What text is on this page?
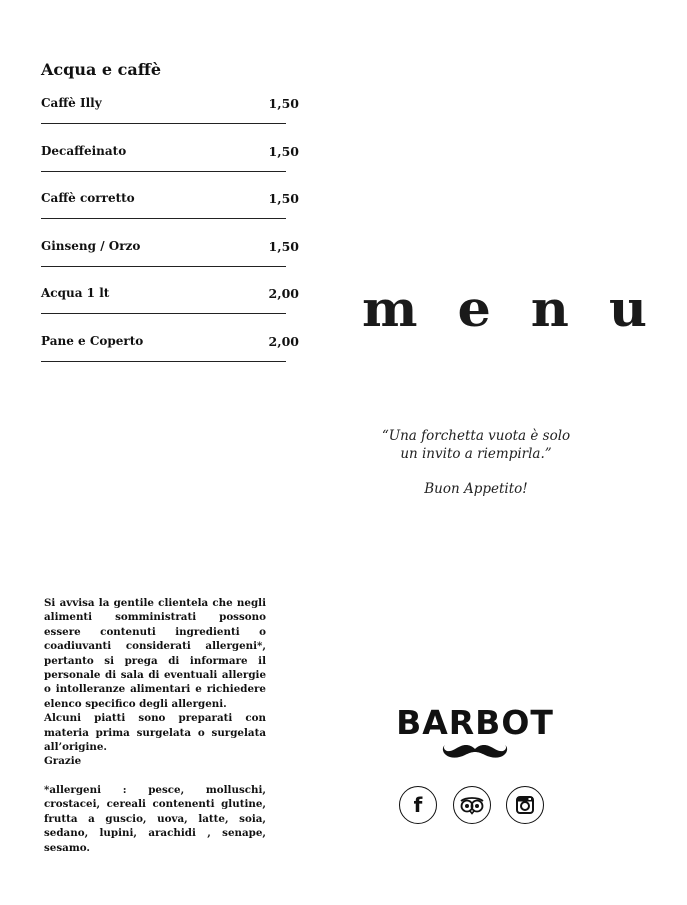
Acqua e caffè
Caffè Illy	1,50
Decaffeinato	1,50
Caffè corretto	1,50
Ginseng / Orzo	1,50
Acqua 1 lt	2,00
Pane e Coperto	2,00
menu
“Una forchetta vuota è solo
un invito a riempirla.”
Buon Appetito!

Si avvisa la gentile clientela che negli alimenti somministrati possono essere contenuti ingredienti o coadiuvanti considerati allergeni*, pertanto si prega di informare il personale di sala di eventuali allergie o intolleranze alimentari e richiedere elenco specifico degli allergeni.

Alcuni piatti sono preparati con materia prima surgelata o surgelata all’origine.

Grazie

*allergeni : pesce, molluschi, crostacei, cereali contenenti glutine, frutta a guscio, uova, latte, soia, sedano, lupini, arachidi , senape, sesamo.

BARBOT
f
